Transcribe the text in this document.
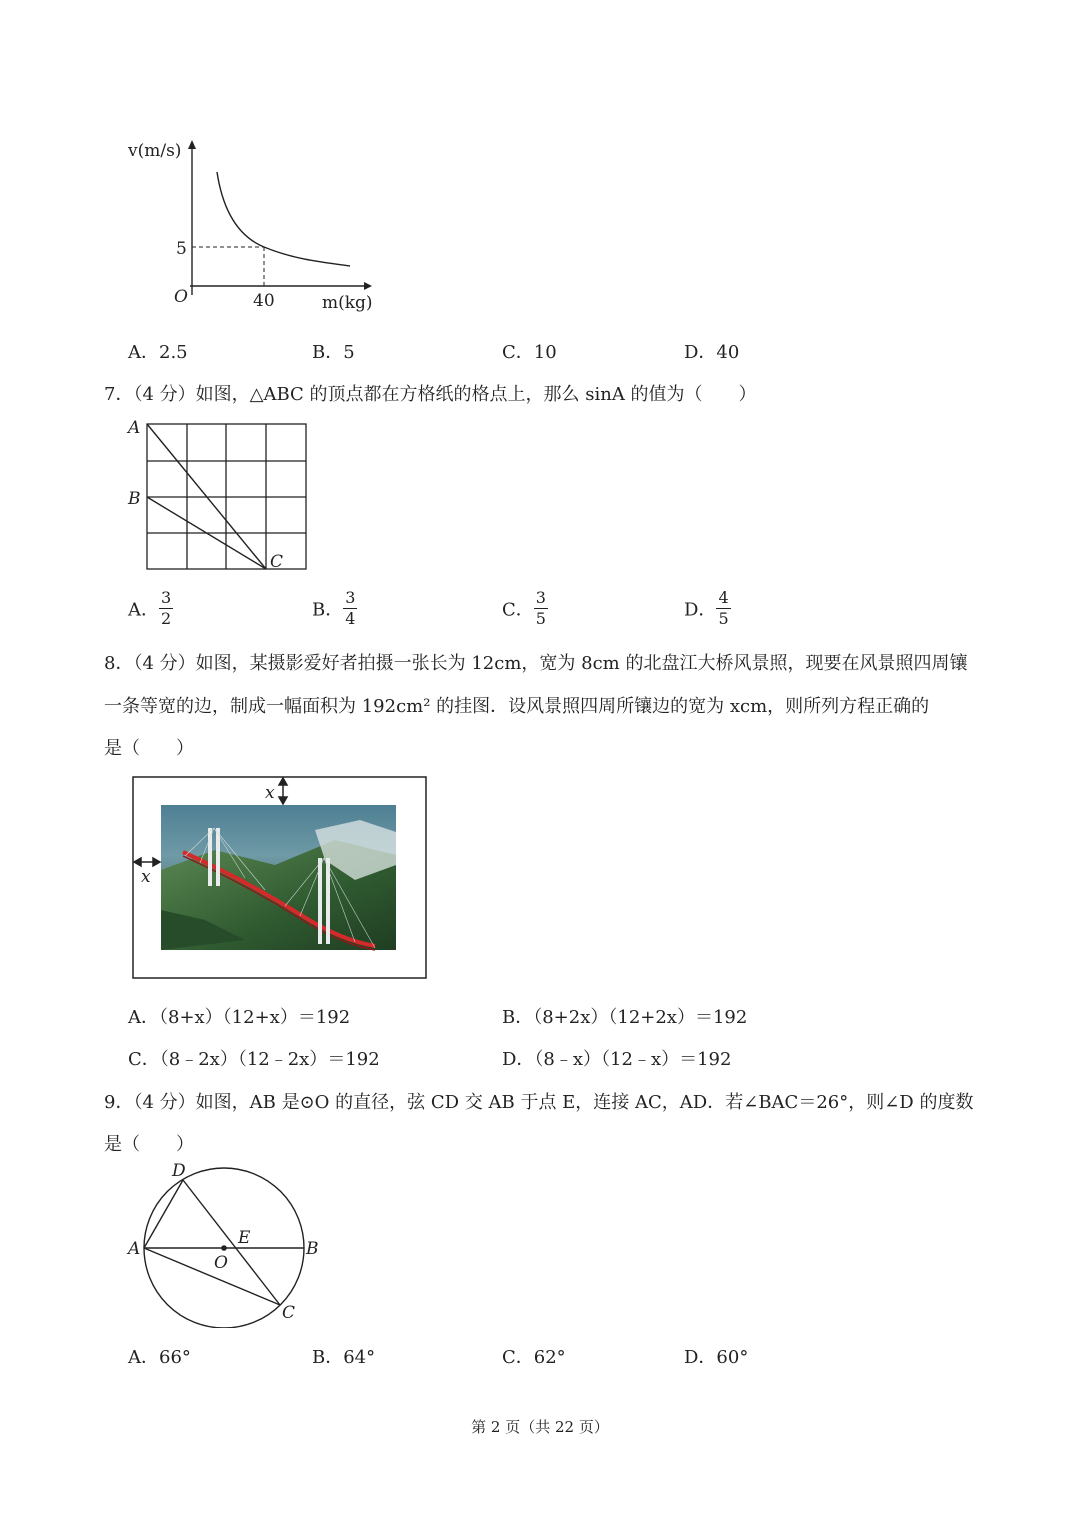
v(m/s)
m(kg)
O
5
40
A．2.5	B．5	C．10	D．40
7．（4 分）如图，△ABC 的顶点都在方格纸的格点上，那么 sinA 的值为（　　）
A
B
C
A． $\frac{3}{2}$	B． $\frac{3}{4}$	C． $\frac{3}{5}$	D． $\frac{4}{5}$
8．（4 分）如图，某摄影爱好者拍摄一张长为 12cm，宽为 8cm 的北盘江大桥风景照，现要在风景照四周镶
一条等宽的边，制成一幅面积为 192cm² 的挂图．设风景照四周所镶边的宽为 xcm，则所列方程正确的
是（　　）
x
x
A．（8+x）（12+x）＝192	B．（8+2x）（12+2x）＝192
C．（8﹣2x）（12﹣2x）＝192	D．（8﹣x）（12﹣x）＝192
9．（4 分）如图，AB 是⊙O 的直径，弦 CD 交 AB 于点 E，连接 AC，AD．若∠BAC＝26°，则∠D 的度数
是（　　）
D
A	B
E
O
C
A．66°	B．64°	C．62°	D．60°
第 2 页（共 22 页）
